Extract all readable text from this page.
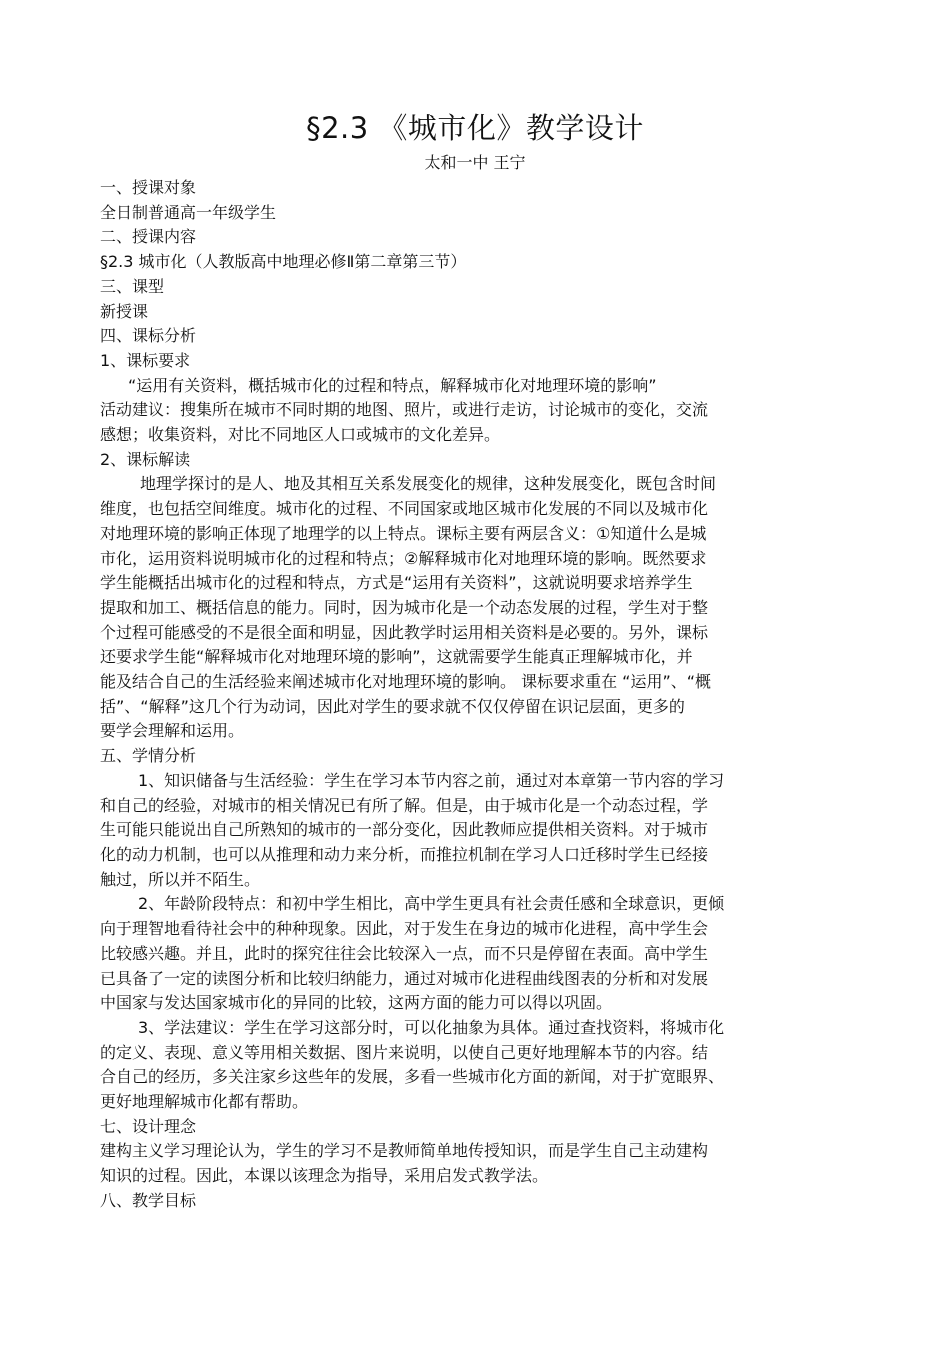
§2.3 《城市化》教学设计
太和一中 王宁

一、授课对象

全日制普通高一年级学生

二、授课内容

§2.3 城市化（人教版高中地理必修Ⅱ第二章第三节）

三、课型

新授课

四、课标分析

1、课标要求

“运用有关资料，概括城市化的过程和特点，解释城市化对地理环境的影响”

活动建议：搜集所在城市不同时期的地图、照片，或进行走访，讨论城市的变化，交流

感想；收集资料，对比不同地区人口或城市的文化差异。

2、课标解读

地理学探讨的是人、地及其相互关系发展变化的规律，这种发展变化，既包含时间

维度，也包括空间维度。城市化的过程、不同国家或地区城市化发展的不同以及城市化

对地理环境的影响正体现了地理学的以上特点。课标主要有两层含义：①知道什么是城

市化，运用资料说明城市化的过程和特点；②解释城市化对地理环境的影响。既然要求

学生能概括出城市化的过程和特点，方式是“运用有关资料”，这就说明要求培养学生

提取和加工、概括信息的能力。同时，因为城市化是一个动态发展的过程，学生对于整

个过程可能感受的不是很全面和明显，因此教学时运用相关资料是必要的。另外，课标

还要求学生能“解释城市化对地理环境的影响”，这就需要学生能真正理解城市化，并

能及结合自己的生活经验来阐述城市化对地理环境的影响。 课标要求重在 “运用”、“概

括”、“解释”这几个行为动词，因此对学生的要求就不仅仅停留在识记层面，更多的

要学会理解和运用。

五、学情分析

1、知识储备与生活经验：学生在学习本节内容之前，通过对本章第一节内容的学习

和自己的经验，对城市的相关情况已有所了解。但是，由于城市化是一个动态过程，学

生可能只能说出自己所熟知的城市的一部分变化，因此教师应提供相关资料。对于城市

化的动力机制，也可以从推理和动力来分析，而推拉机制在学习人口迁移时学生已经接

触过，所以并不陌生。

2、年龄阶段特点：和初中学生相比，高中学生更具有社会责任感和全球意识，更倾

向于理智地看待社会中的种种现象。因此，对于发生在身边的城市化进程，高中学生会

比较感兴趣。并且，此时的探究往往会比较深入一点，而不只是停留在表面。高中学生

已具备了一定的读图分析和比较归纳能力，通过对城市化进程曲线图表的分析和对发展

中国家与发达国家城市化的异同的比较，这两方面的能力可以得以巩固。

3、学法建议：学生在学习这部分时，可以化抽象为具体。通过查找资料，将城市化

的定义、表现、意义等用相关数据、图片来说明，以使自己更好地理解本节的内容。结

合自己的经历，多关注家乡这些年的发展，多看一些城市化方面的新闻，对于扩宽眼界、

更好地理解城市化都有帮助。

七、设计理念

建构主义学习理论认为，学生的学习不是教师简单地传授知识，而是学生自己主动建构

知识的过程。因此，本课以该理念为指导，采用启发式教学法。

八、教学目标
